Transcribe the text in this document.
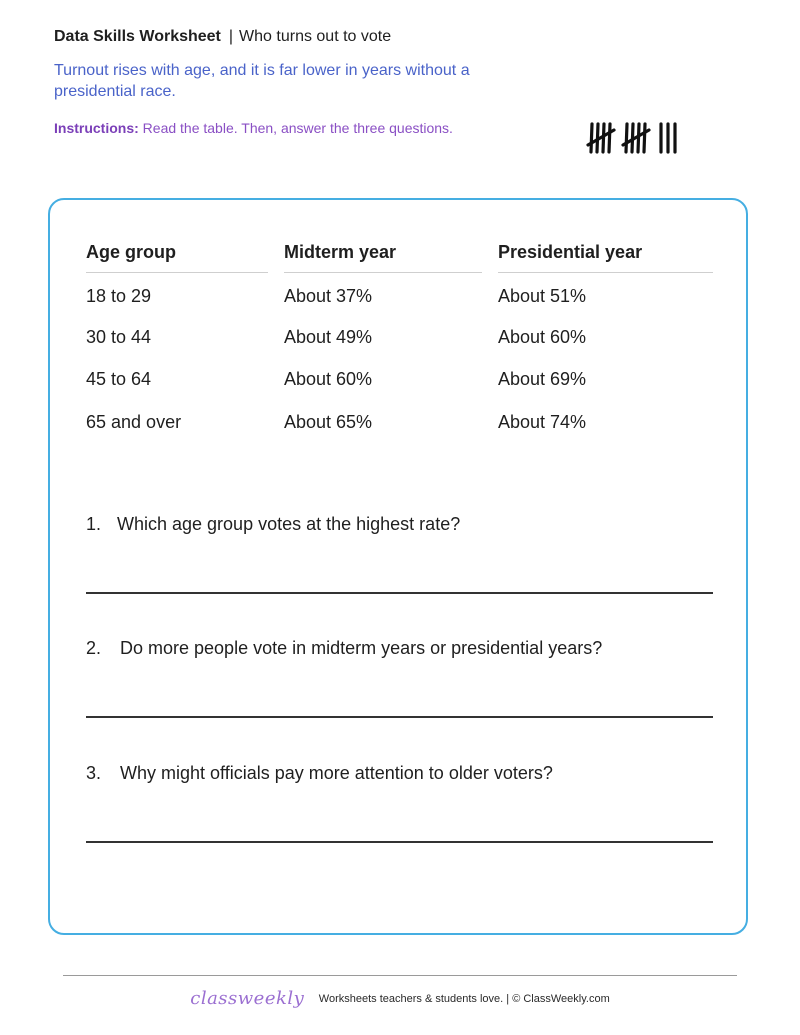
Data Skills Worksheet | Who turns out to vote
Turnout rises with age, and it is far lower in years without a presidential race.
Instructions: Read the table. Then, answer the three questions.
Age group	Midterm year	Presidential year
18 to 29	About 37%	About 51%
30 to 44	About 49%	About 60%
45 to 64	About 60%	About 69%
65 and over	About 65%	About 74%
1. Which age group votes at the highest rate?
2. Do more people vote in midterm years or presidential years?
3. Why might officials pay more attention to older voters?
classweekly Worksheets teachers & students love. | © ClassWeekly.com
